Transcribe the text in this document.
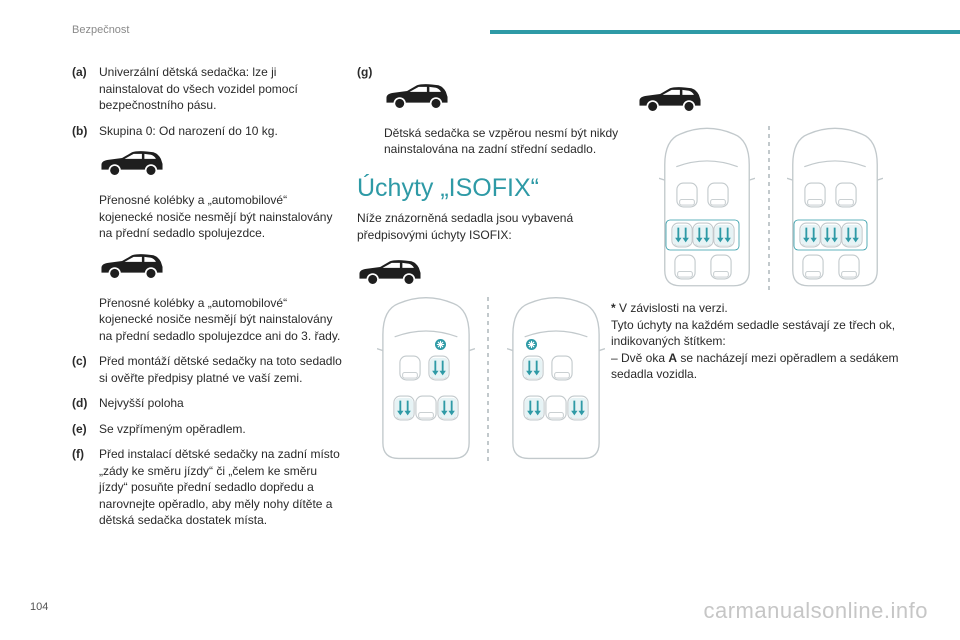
Bezpečnost
(a)	Univerzální dětská sedačka: lze ji nainstalovat do všech vozidel pomocí bezpečnostního pásu.
(b) Skupina 0: Od narození do 10 kg.
Přenosné kolébky a „automobilové“ kojenecké nosiče nesmějí být nainstalovány na přední sedadlo spolujezdce.
Přenosné kolébky a „automobilové“ kojenecké nosiče nesmějí být nainstalovány na přední sedadlo spolujezdce ani do 3. řady.
(c)	Před montáží dětské sedačky na toto sedadlo si ověřte předpisy platné ve vaší zemi.
(d) Nejvyšší poloha
(e)	Se vzpřímeným opěradlem.
(f)	Před instalací dětské sedačky na zadní místo „zády ke směru jízdy“ či „čelem ke směru jízdy“ posuňte přední sedadlo dopředu a narovnejte opěradlo, aby měly nohy dítěte a dětská sedačka dostatek místa.
(g)
Dětská sedačka se vzpěrou nesmí být nikdy nainstalována na zadní střední sedadlo.
Úchyty „ISOFIX“
Níže znázorněná sedadla jsou vybavená předpisovými úchyty ISOFIX:

* V závislosti na verzi.

Tyto úchyty na každém sedadle sestávají ze třech ok, indikovaných štítkem:

– Dvě oka A se nacházejí mezi opěradlem a sedákem sedadla vozidla.

104	carmanualsonline.info
